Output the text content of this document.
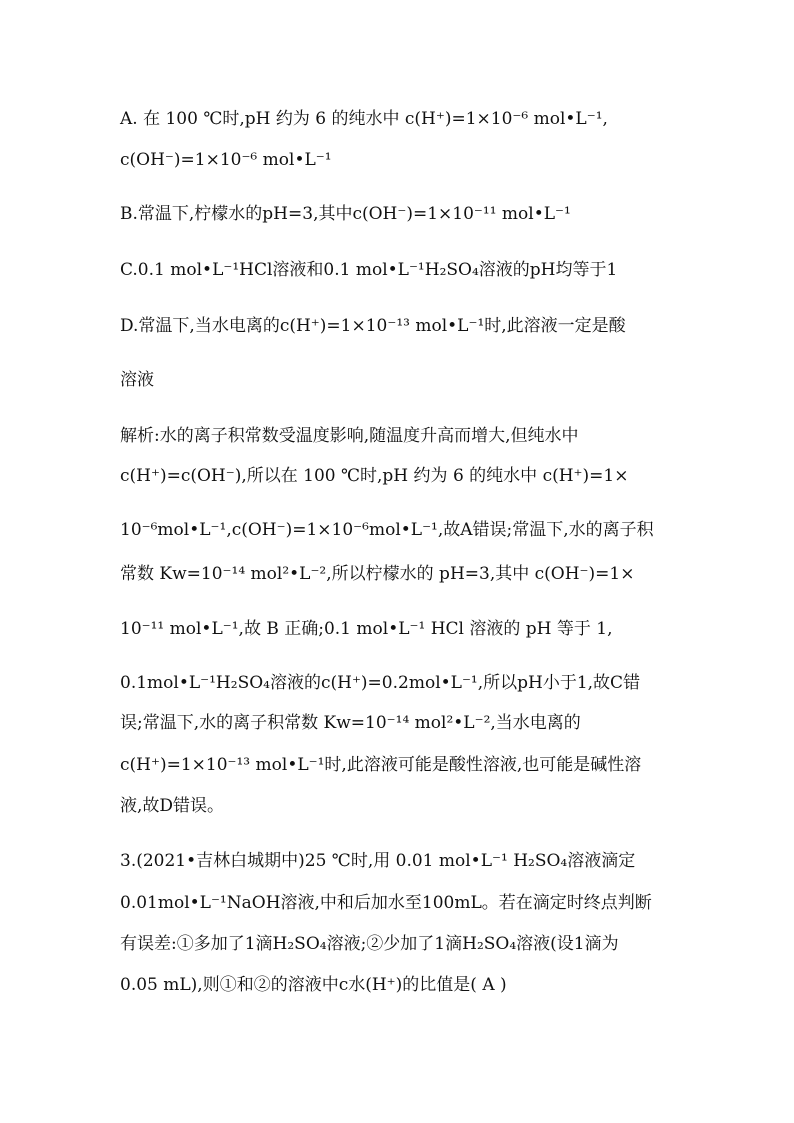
A. 在 100 ℃时,pH 约为 6 的纯水中 c(H⁺)=1×10⁻⁶ mol•L⁻¹,
c(OH⁻)=1×10⁻⁶ mol•L⁻¹
B.常温下,柠檬水的pH=3,其中c(OH⁻)=1×10⁻¹¹ mol•L⁻¹
C.0.1 mol•L⁻¹HCl溶液和0.1 mol•L⁻¹H₂SO₄溶液的pH均等于1
D.常温下,当水电离的c(H⁺)=1×10⁻¹³ mol•L⁻¹时,此溶液一定是酸
溶液
解析:水的离子积常数受温度影响,随温度升高而增大,但纯水中
c(H⁺)=c(OH⁻),所以在 100 ℃时,pH 约为 6 的纯水中 c(H⁺)=1×
10⁻⁶mol•L⁻¹,c(OH⁻)=1×10⁻⁶mol•L⁻¹,故A错误;常温下,水的离子积
常数 Kw=10⁻¹⁴ mol²•L⁻²,所以柠檬水的 pH=3,其中 c(OH⁻)=1×
10⁻¹¹ mol•L⁻¹,故 B 正确;0.1 mol•L⁻¹ HCl 溶液的 pH 等于 1,
0.1mol•L⁻¹H₂SO₄溶液的c(H⁺)=0.2mol•L⁻¹,所以pH小于1,故C错
误;常温下,水的离子积常数 Kw=10⁻¹⁴ mol²•L⁻²,当水电离的
c(H⁺)=1×10⁻¹³ mol•L⁻¹时,此溶液可能是酸性溶液,也可能是碱性溶
液,故D错误。
3.(2021•吉林白城期中)25 ℃时,用 0.01 mol•L⁻¹ H₂SO₄溶液滴定
0.01mol•L⁻¹NaOH溶液,中和后加水至100mL。若在滴定时终点判断
有误差:①多加了1滴H₂SO₄溶液;②少加了1滴H₂SO₄溶液(设1滴为
0.05 mL),则①和②的溶液中c水(H⁺)的比值是( A )
